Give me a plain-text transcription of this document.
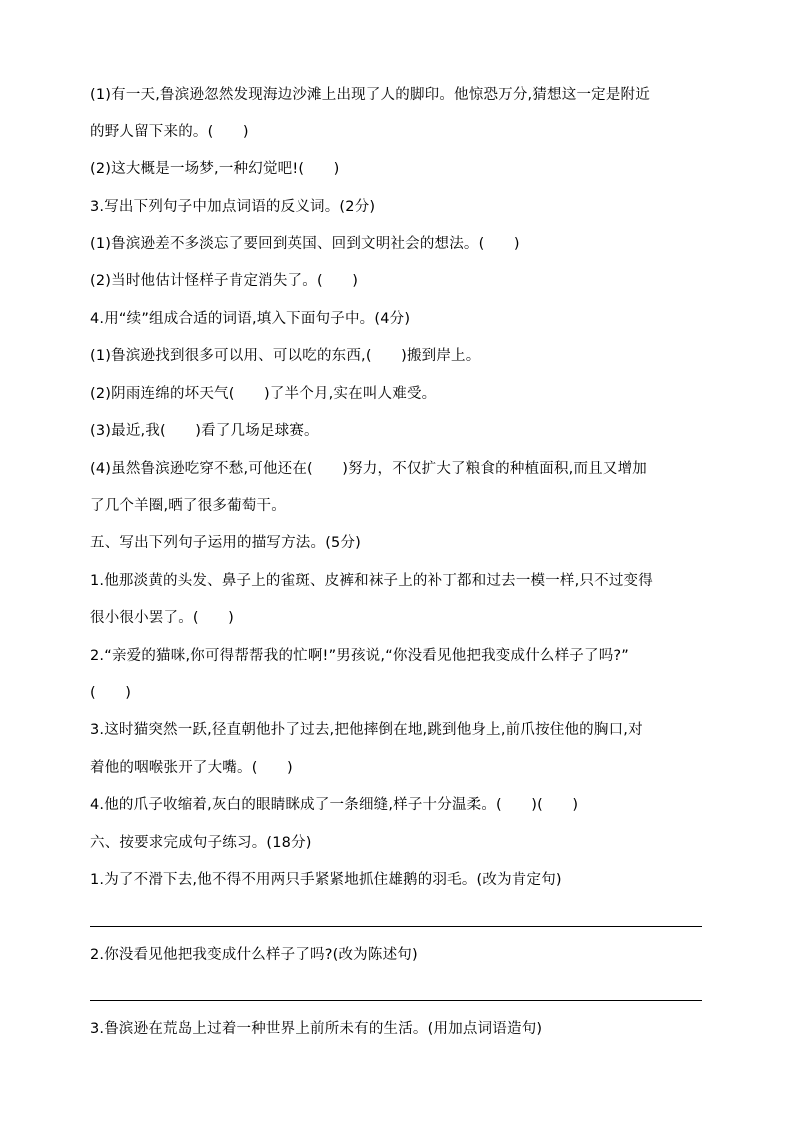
(1)有一天,鲁滨逊忽然发现海边沙滩上出现了人的脚印。他惊恐万分,猜想这一定是附近
的野人留下来的。(　　)
(2)这大概是一场梦,一种幻觉吧!(　　)
3.写出下列句子中加点词语的反义词。(2分)
(1)鲁滨逊差不多淡忘了要回到英国、回到文明社会的想法。(　　)
(2)当时他估计怪样子肯定消失了。(　　)
4.用“续”组成合适的词语,填入下面句子中。(4分)
(1)鲁滨逊找到很多可以用、可以吃的东西,(　　)搬到岸上。
(2)阴雨连绵的坏天气(　　)了半个月,实在叫人难受。
(3)最近,我(　　)看了几场足球赛。
(4)虽然鲁滨逊吃穿不愁,可他还在(　　)努力，不仅扩大了粮食的种植面积,而且又增加
了几个羊圈,晒了很多葡萄干。
五、写出下列句子运用的描写方法。(5分)
1.他那淡黄的头发、鼻子上的雀斑、皮裤和袜子上的补丁都和过去一模一样,只不过变得
很小很小罢了。(　　)
2.“亲爱的猫咪,你可得帮帮我的忙啊!”男孩说,“你没看见他把我变成什么样子了吗?”
(　　)
3.这时猫突然一跃,径直朝他扑了过去,把他摔倒在地,跳到他身上,前爪按住他的胸口,对
着他的咽喉张开了大嘴。(　　)
4.他的爪子收缩着,灰白的眼睛眯成了一条细缝,样子十分温柔。(　　)(　　)
六、按要求完成句子练习。(18分)
1.为了不滑下去,他不得不用两只手紧紧地抓住雄鹅的羽毛。(改为肯定句)
2.你没看见他把我变成什么样子了吗?(改为陈述句)
3.鲁滨逊在荒岛上过着一种世界上前所未有的生活。(用加点词语造句)
